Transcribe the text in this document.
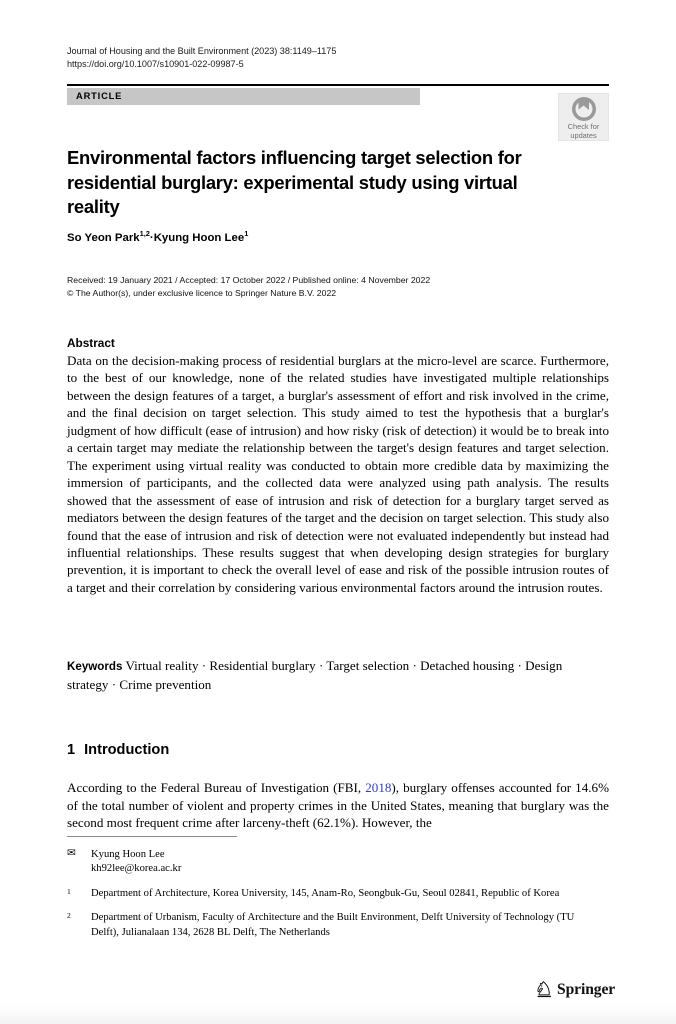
Journal of Housing and the Built Environment (2023) 38:1149–1175
https://doi.org/10.1007/s10901-022-09987-5
ARTICLE
Check for
updates
Environmental factors influencing target selection for residential burglary: experimental study using virtual reality
So Yeon Park$^{1,2}$·Kyung Hoon Lee$^1$
Received: 19 January 2021 / Accepted: 17 October 2022 / Published online: 4 November 2022
© The Author(s), under exclusive licence to Springer Nature B.V. 2022
Abstract

Data on the decision-making process of residential burglars at the micro-level are scarce. Furthermore, to the best of our knowledge, none of the related studies have investigated multiple relationships between the design features of a target, a burglar's assessment of effort and risk involved in the crime, and the final decision on target selection. This study aimed to test the hypothesis that a burglar's judgment of how difficult (ease of intrusion) and how risky (risk of detection) it would be to break into a certain target may mediate the relationship between the target's design features and target selection. The experiment using virtual reality was conducted to obtain more credible data by maximizing the immersion of participants, and the collected data were analyzed using path analysis. The results showed that the assessment of ease of intrusion and risk of detection for a burglary target served as mediators between the design features of the target and the decision on target selection. This study also found that the ease of intrusion and risk of detection were not evaluated independently but instead had influential relationships. These results suggest that when developing design strategies for burglary prevention, it is important to check the overall level of ease and risk of the possible intrusion routes of a target and their correlation by considering various environmental factors around the intrusion routes.

Keywords Virtual reality · Residential burglary · Target selection · Detached housing · Design strategy · Crime prevention
1 Introduction

According to the Federal Bureau of Investigation (FBI, 2018), burglary offenses accounted for 14.6% of the total number of violent and property crimes in the United States, meaning that burglary was the second most frequent crime after larceny-theft (62.1%). However, the

✉	Kyung Hoon Lee
kh92lee@korea.ac.kr
1	Department of Architecture, Korea University, 145, Anam-Ro, Seongbuk-Gu, Seoul 02841, Republic of Korea
2	Department of Urbanism, Faculty of Architecture and the Built Environment, Delft University of Technology (TU Delft), Julianalaan 134, 2628 BL Delft, The Netherlands
Springer
